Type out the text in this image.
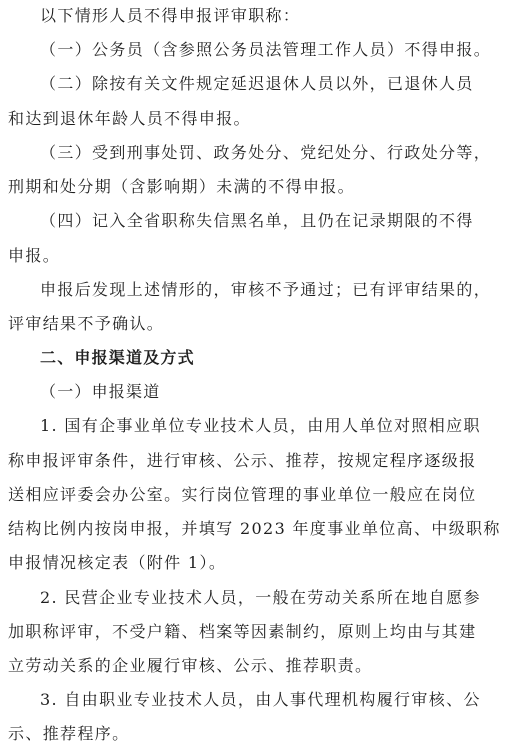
以下情形人员不得申报评审职称：
（一）公务员（含参照公务员法管理工作人员）不得申报。
（二）除按有关文件规定延迟退休人员以外，已退休人员
和达到退休年龄人员不得申报。
（三）受到刑事处罚、政务处分、党纪处分、行政处分等，
刑期和处分期（含影响期）未满的不得申报。
（四）记入全省职称失信黑名单，且仍在记录期限的不得
申报。
申报后发现上述情形的，审核不予通过；已有评审结果的，
评审结果不予确认。
二、申报渠道及方式
（一）申报渠道
1. 国有企事业单位专业技术人员，由用人单位对照相应职
称申报评审条件，进行审核、公示、推荐，按规定程序逐级报
送相应评委会办公室。实行岗位管理的事业单位一般应在岗位
结构比例内按岗申报，并填写 2023 年度事业单位高、中级职称
申报情况核定表（附件 1）。
2. 民营企业专业技术人员，一般在劳动关系所在地自愿参
加职称评审，不受户籍、档案等因素制约，原则上均由与其建
立劳动关系的企业履行审核、公示、推荐职责。
3. 自由职业专业技术人员，由人事代理机构履行审核、公
示、推荐程序。
